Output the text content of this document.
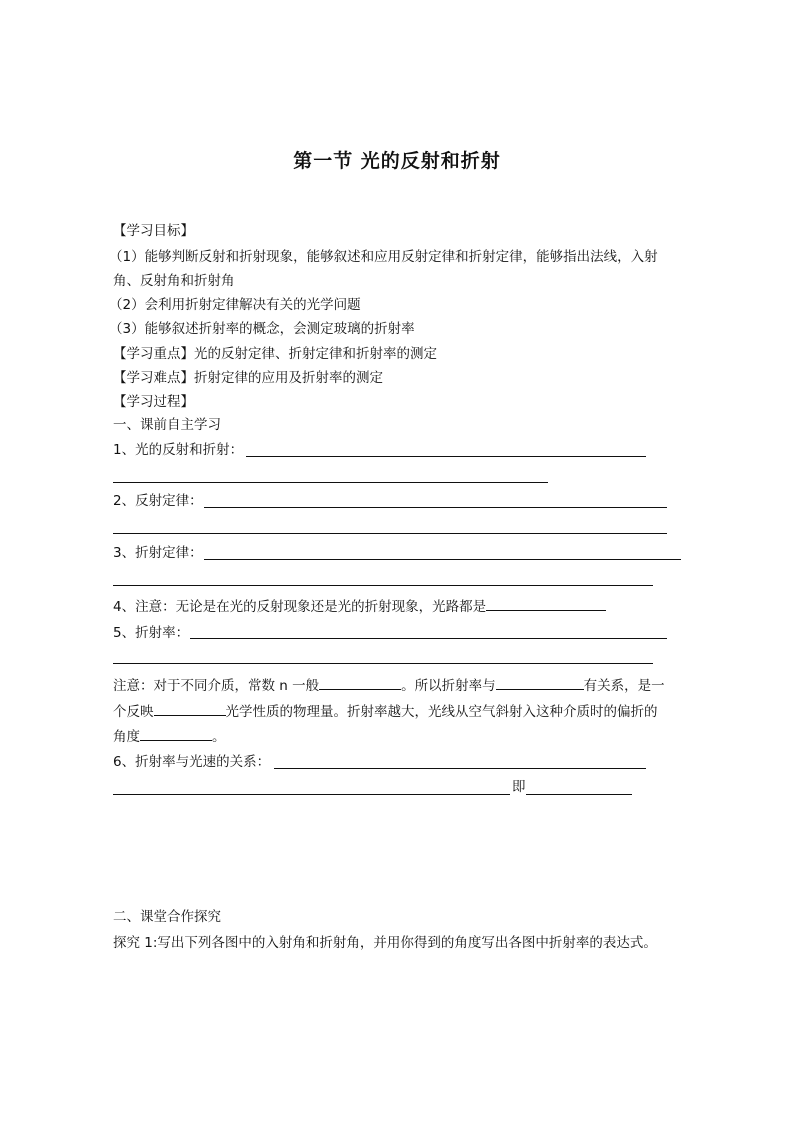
第一节 光的反射和折射
【学习目标】
（1）能够判断反射和折射现象，能够叙述和应用反射定律和折射定律，能够指出法线，入射
角、反射角和折射角
（2）会利用折射定律解决有关的光学问题
（3）能够叙述折射率的概念，会测定玻璃的折射率
【学习重点】光的反射定律、折射定律和折射率的测定
【学习难点】折射定律的应用及折射率的测定
【学习过程】
一、课前自主学习
1、光的反射和折射：
2、反射定律：
3、折射定律：
4、注意：无论是在光的反射现象还是光的折射现象，光路都是
5、折射率：
注意：对于不同介质，常数 n 一般	。所以折射率与	有关系，是一
个反映	光学性质的物理量。折射率越大，光线从空气斜射入这种介质时的偏折的
角度	。
6、折射率与光速的关系：
即
二、课堂合作探究
探究 1:写出下列各图中的入射角和折射角，并用你得到的角度写出各图中折射率的表达式。
